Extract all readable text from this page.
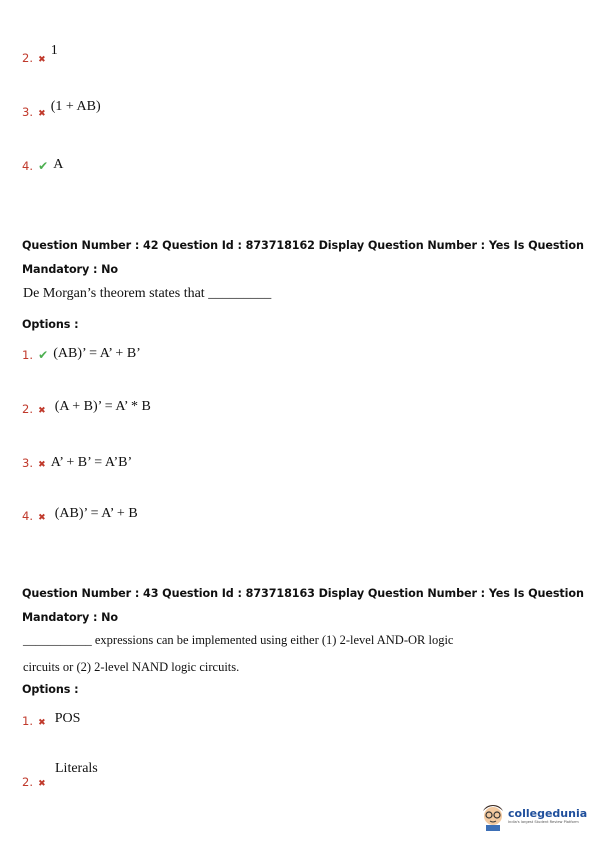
2. ✖ 1
3. ✖ (1 + AB)
4. ✔ A
Question Number : 42 Question Id : 873718162 Display Question Number : Yes Is Question
Mandatory : No
De Morgan’s theorem states that _________
Options :
1. ✔ (AB)’ = A’ + B’
2. ✖ (A + B)’ = A’ * B
3. ✖ A’ + B’ = A’B’
4. ✖ (AB)’ = A’ + B
Question Number : 43 Question Id : 873718163 Display Question Number : Yes Is Question
Mandatory : No
___________ expressions can be implemented using either (1) 2-level AND-OR logic
circuits or (2) 2-level NAND logic circuits.
Options :
1. ✖ POS
2. ✖
Literals
collegedunia
India's largest Student Review Platform
